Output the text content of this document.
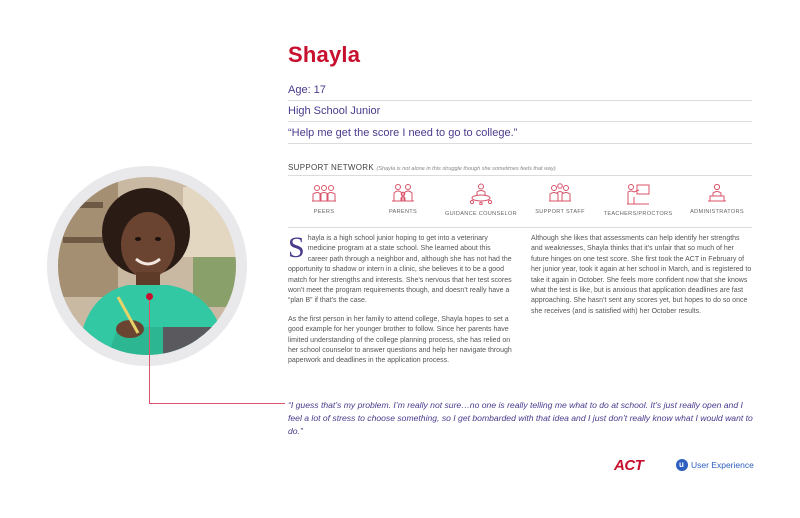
Shayla
Age: 17
High School Junior
“Help me get the score I need to go to college.”
SUPPORT NETWORK (Shayla is not alone in this struggle though she sometimes feels that way)
PEERS	PARENTS	GUIDANCE COUNSELOR	SUPPORT STAFF	TEACHERS/PROCTORS	ADMINISTRATORS

Shayla is a high school junior hoping to get into a veterinary medicine program at a state school. She learned about this career path through a neighbor and, although she has not had the opportunity to shadow or intern in a clinic, she believes it to be a good match for her strengths and interests. She’s nervous that her test scores won’t meet the program requirements though, and doesn’t really have a “plan B” if that’s the case.

As the first person in her family to attend college, Shayla hopes to set a good example for her younger brother to follow. Since her parents have limited understanding of the college planning process, she has relied on her school counselor to answer questions and help her navigate through paperwork and deadlines in the application process.

Although she likes that assessments can help identify her strengths and weaknesses, Shayla thinks that it’s unfair that so much of her future hinges on one test score. She first took the ACT in February of her junior year, took it again at her school in March, and is registered to take it again in October. She feels more confident now that she knows what the test is like, but is anxious that application deadlines are fast approaching. She hasn’t sent any scores yet, but hopes to do so once she receives (and is satisfied with) her October results.

“I guess that’s my problem. I’m really not sure…no one is really telling me what to do at school. It’s just really open and I feel a lot of stress to choose something, so I get bombarded with that idea and I just don’t really know what I would want to do.”

ACT	u User Experience
